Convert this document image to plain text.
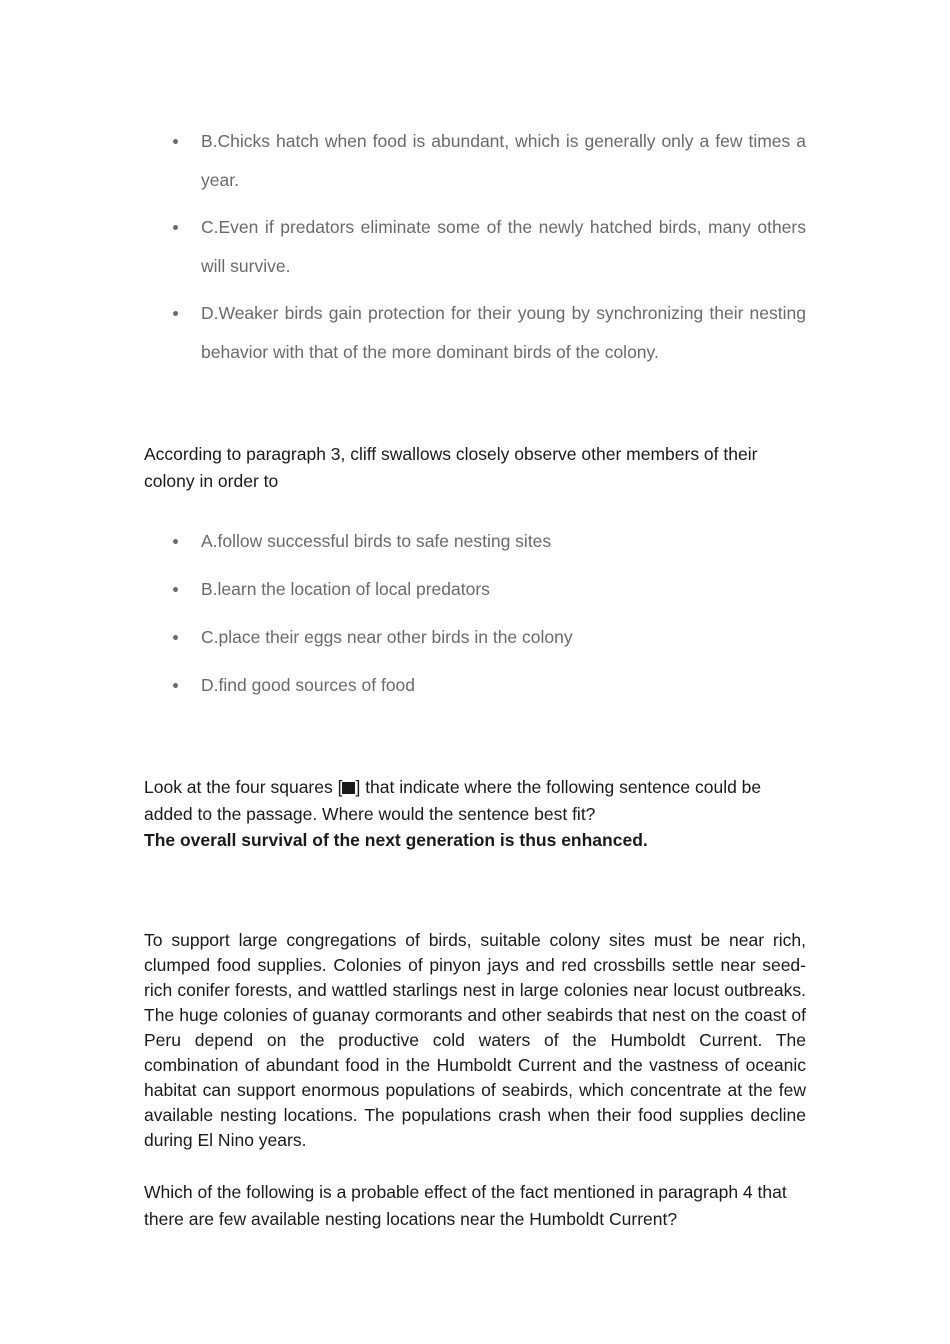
B.Chicks hatch when food is abundant, which is generally only a few times a year.
C.Even if predators eliminate some of the newly hatched birds, many others will survive.
D.Weaker birds gain protection for their young by synchronizing their nesting behavior with that of the more dominant birds of the colony.

According to paragraph 3, cliff swallows closely observe other members of their colony in order to

A.follow successful birds to safe nesting sites
B.learn the location of local predators
C.place their eggs near other birds in the colony
D.find good sources of food

Look at the four squares [ ] that indicate where the following sentence could be added to the passage. Where would the sentence best fit?

The overall survival of the next generation is thus enhanced.

To support large congregations of birds, suitable colony sites must be near rich, clumped food supplies. Colonies of pinyon jays and red crossbills settle near seed-rich conifer forests, and wattled starlings nest in large colonies near locust outbreaks. The huge colonies of guanay cormorants and other seabirds that nest on the coast of Peru depend on the productive cold waters of the Humboldt Current. The combination of abundant food in the Humboldt Current and the vastness of oceanic habitat can support enormous populations of seabirds, which concentrate at the few available nesting locations. The populations crash when their food supplies decline during El Nino years.

Which of the following is a probable effect of the fact mentioned in paragraph 4 that there are few available nesting locations near the Humboldt Current?
